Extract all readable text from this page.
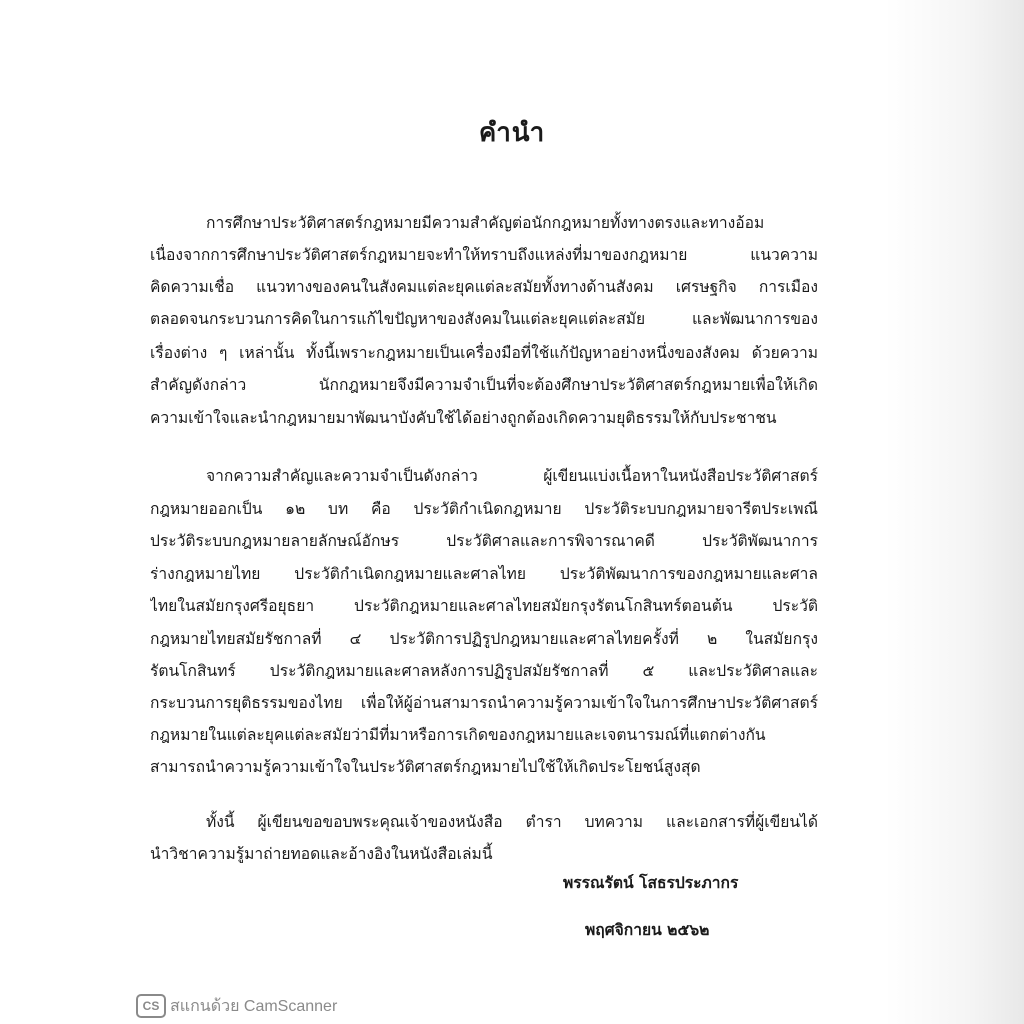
คำนำ
การศึกษาประวัติศาสตร์กฎหมายมีความสำคัญต่อนักกฎหมายทั้งทางตรงและทางอ้อม
เนื่องจากการศึกษาประวัติศาสตร์กฎหมายจะทำให้ทราบถึงแหล่งที่มาของกฎหมาย แนวความ
คิดความเชื่อ แนวทางของคนในสังคมแต่ละยุคแต่ละสมัยทั้งทางด้านสังคม เศรษฐกิจ การเมือง
ตลอดจนกระบวนการคิดในการแก้ไขปัญหาของสังคมในแต่ละยุคแต่ละสมัย และพัฒนาการของ
เรื่องต่าง ๆ เหล่านั้น ทั้งนี้เพราะกฎหมายเป็นเครื่องมือที่ใช้แก้ปัญหาอย่างหนึ่งของสังคม ด้วยความ
สำคัญดังกล่าว นักกฎหมายจึงมีความจำเป็นที่จะต้องศึกษาประวัติศาสตร์กฎหมายเพื่อให้เกิด
ความเข้าใจและนำกฎหมายมาพัฒนาบังคับใช้ได้อย่างถูกต้องเกิดความยุติธรรมให้กับประชาชน
จากความสำคัญและความจำเป็นดังกล่าว ผู้เขียนแบ่งเนื้อหาในหนังสือประวัติศาสตร์
กฎหมายออกเป็น ๑๒ บท คือ ประวัติกำเนิดกฎหมาย ประวัติระบบกฎหมายจารีตประเพณี
ประวัติระบบกฎหมายลายลักษณ์อักษร ประวัติศาลและการพิจารณาคดี ประวัติพัฒนาการ
ร่างกฎหมายไทย ประวัติกำเนิดกฎหมายและศาลไทย ประวัติพัฒนาการของกฎหมายและศาล
ไทยในสมัยกรุงศรีอยุธยา ประวัติกฎหมายและศาลไทยสมัยกรุงรัตนโกสินทร์ตอนต้น ประวัติ
กฎหมายไทยสมัยรัชกาลที่ ๔ ประวัติการปฏิรูปกฎหมายและศาลไทยครั้งที่ ๒ ในสมัยกรุง
รัตนโกสินทร์ ประวัติกฎหมายและศาลหลังการปฏิรูปสมัยรัชกาลที่ ๕ และประวัติศาลและ
กระบวนการยุติธรรมของไทย เพื่อให้ผู้อ่านสามารถนำความรู้ความเข้าใจในการศึกษาประวัติศาสตร์
กฎหมายในแต่ละยุคแต่ละสมัยว่ามีที่มาหรือการเกิดของกฎหมายและเจตนารมณ์ที่แตกต่างกัน
สามารถนำความรู้ความเข้าใจในประวัติศาสตร์กฎหมายไปใช้ให้เกิดประโยชน์สูงสุด
ทั้งนี้ ผู้เขียนขอขอบพระคุณเจ้าของหนังสือ ตำรา บทความ และเอกสารที่ผู้เขียนได้
นำวิชาความรู้มาถ่ายทอดและอ้างอิงในหนังสือเล่มนี้
พรรณรัตน์ โสธรประภากร
พฤศจิกายน ๒๕๖๒
CS สแกนด้วย CamScanner
